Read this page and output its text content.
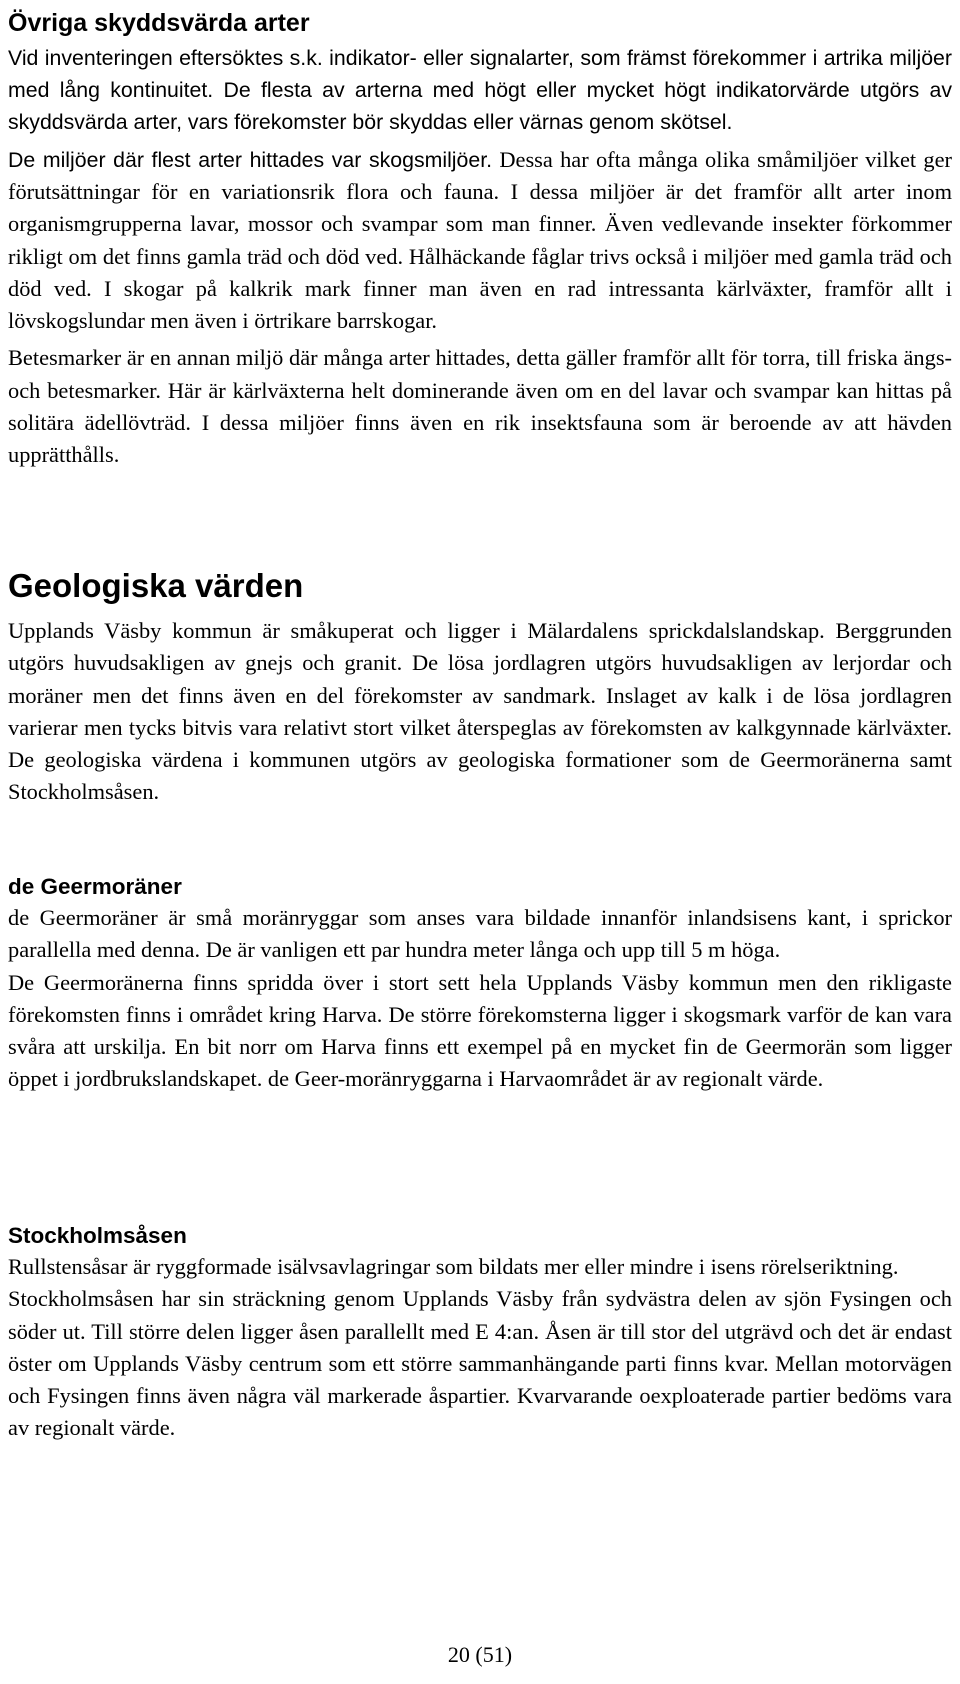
Övriga skyddsvärda arter

Vid inventeringen eftersöktes s.k. indikator- eller signalarter, som främst förekommer i artrika miljöer med lång kontinuitet. De flesta av arterna med högt eller mycket högt indikatorvärde utgörs av skyddsvärda arter, vars förekomster bör skyddas eller värnas genom skötsel.

De miljöer där flest arter hittades var skogsmiljöer. Dessa har ofta många olika småmiljöer vilket ger förutsättningar för en variationsrik flora och fauna. I dessa miljöer är det framför allt arter inom organismgrupperna lavar, mossor och svampar som man finner. Även vedlevande insekter förkommer rikligt om det finns gamla träd och död ved. Hålhäckande fåglar trivs också i miljöer med gamla träd och död ved. I skogar på kalkrik mark finner man även en rad intressanta kärlväxter, framför allt i lövskogslundar men även i örtrikare barrskogar.

Betesmarker är en annan miljö där många arter hittades, detta gäller framför allt för torra, till friska ängs- och betesmarker. Här är kärlväxterna helt dominerande även om en del lavar och svampar kan hittas på solitära ädellövträd. I dessa miljöer finns även en rik insektsfauna som är beroende av att hävden upprätthålls.

Geologiska värden

Upplands Väsby kommun är småkuperat och ligger i Mälardalens sprickdalslandskap. Berggrunden utgörs huvudsakligen av gnejs och granit. De lösa jordlagren utgörs huvudsakligen av lerjordar och moräner men det finns även en del förekomster av sandmark. Inslaget av kalk i de lösa jordlagren varierar men tycks bitvis vara relativt stort vilket återspeglas av förekomsten av kalkgynnade kärlväxter. De geologiska värdena i kommunen utgörs av geologiska formationer som de Geermoränerna samt Stockholmsåsen.

de Geermoräner

de Geermoräner är små moränryggar som anses vara bildade innanför inlandsisens kant, i sprickor parallella med denna. De är vanligen ett par hundra meter långa och upp till 5 m höga.

De Geermoränerna finns spridda över i stort sett hela Upplands Väsby kommun men den rikligaste förekomsten finns i området kring Harva. De större förekomsterna ligger i skogsmark varför de kan vara svåra att urskilja. En bit norr om Harva finns ett exempel på en mycket fin de Geermorän som ligger öppet i jordbrukslandskapet. de Geer-moränryggarna i Harvaområdet är av regionalt värde.

Stockholmsåsen

Rullstensåsar är ryggformade isälvsavlagringar som bildats mer eller mindre i isens rörelseriktning.

Stockholmsåsen har sin sträckning genom Upplands Väsby från sydvästra delen av sjön Fysingen och söder ut. Till större delen ligger åsen parallellt med E 4:an. Åsen är till stor del utgrävd och det är endast öster om Upplands Väsby centrum som ett större sammanhängande parti finns kvar. Mellan motorvägen och Fysingen finns även några väl markerade åspartier. Kvarvarande oexploaterade partier bedöms vara av regionalt värde.

20 (51)
